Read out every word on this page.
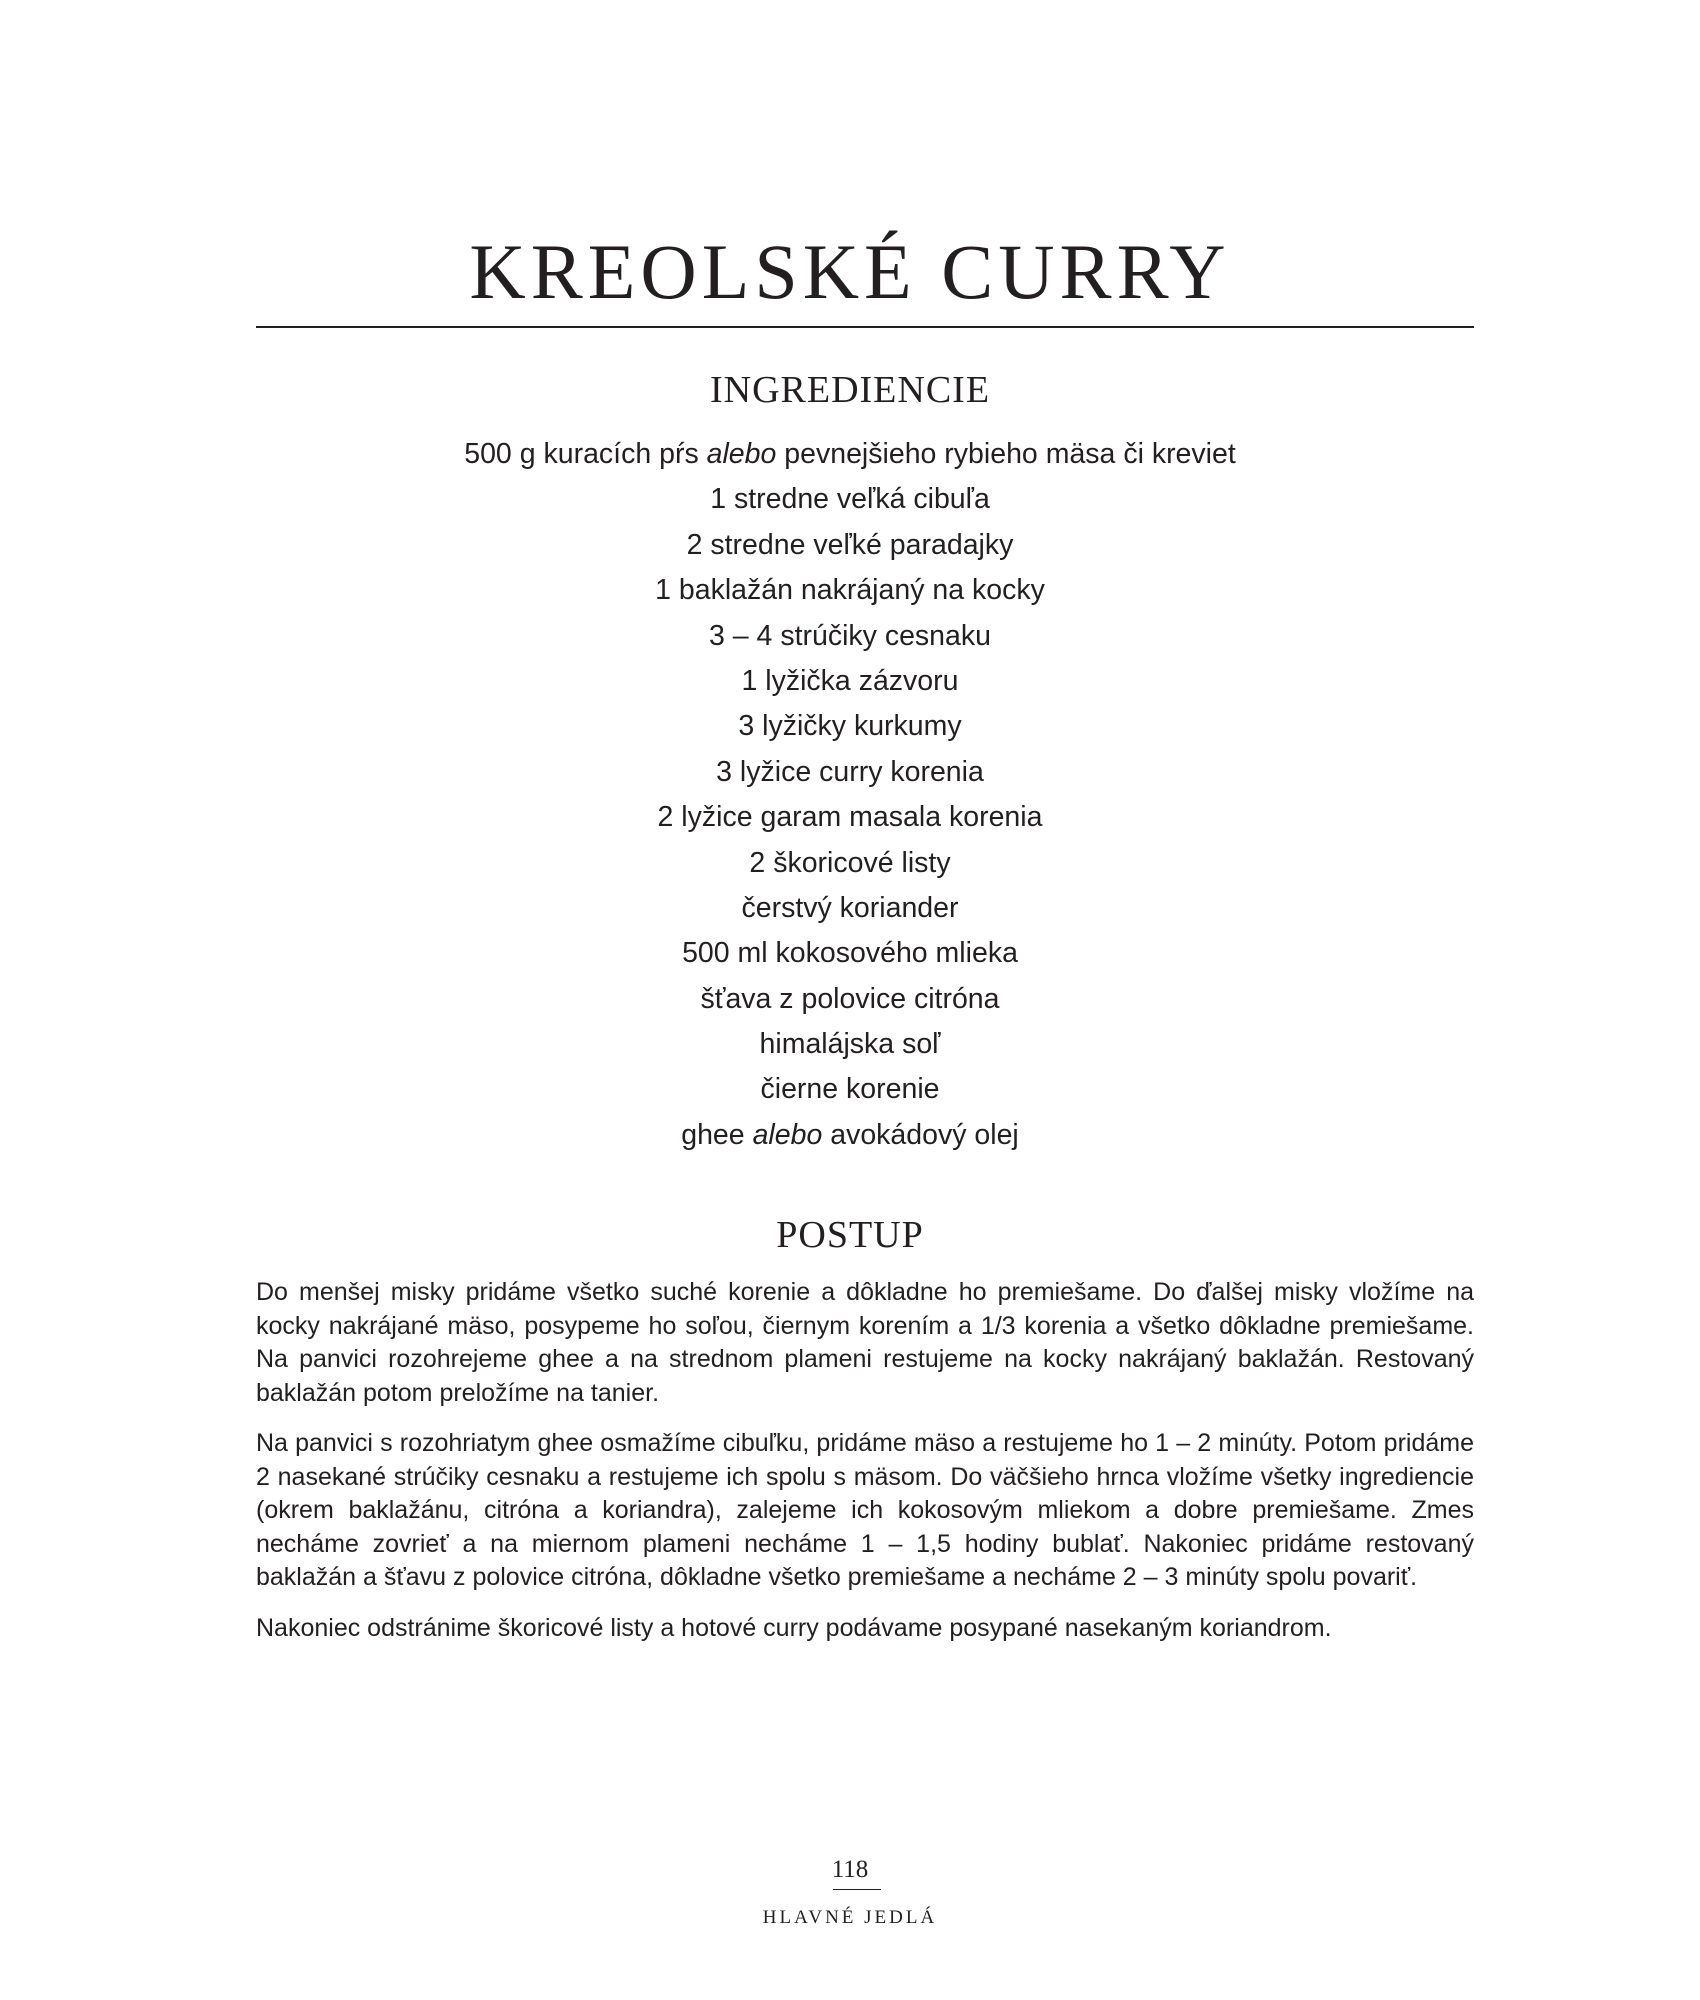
KREOLSKÉ CURRY
INGREDIENCIE
500 g kuracích pŕs alebo pevnejšieho rybieho mäsa či kreviet
1 stredne veľká cibuľa
2 stredne veľké paradajky
1 baklažán nakrájaný na kocky
3 – 4 strúčiky cesnaku
1 lyžička zázvoru
3 lyžičky kurkumy
3 lyžice curry korenia
2 lyžice garam masala korenia
2 škoricové listy
čerstvý koriander
500 ml kokosového mlieka
šťava z polovice citróna
himalájska soľ
čierne korenie
ghee alebo avokádový olej
POSTUP

Do menšej misky pridáme všetko suché korenie a dôkladne ho premiešame. Do ďalšej misky vložíme na kocky nakrájané mäso, posypeme ho soľou, čiernym korením a 1/3 korenia a všetko dôkladne premiešame. Na panvici rozohrejeme ghee a na strednom plameni restujeme na kocky nakrájaný baklažán. Restovaný baklažán potom preložíme na tanier.

Na panvici s rozohriatym ghee osmažíme cibuľku, pridáme mäso a restujeme ho 1 – 2 minúty. Potom pridáme 2 nasekané strúčiky cesnaku a restujeme ich spolu s mäsom. Do väčšieho hrnca vložíme všetky ingrediencie (okrem baklažánu, citróna a koriandra), zalejeme ich kokosovým mliekom a dobre premiešame. Zmes necháme zovrieť a na miernom plameni necháme 1 – 1,5 hodiny bublať. Nakoniec pridáme restovaný baklažán a šťavu z polovice citróna, dôkladne všetko premiešame a necháme 2 – 3 minúty spolu povariť.

Nakoniec odstránime škoricové listy a hotové curry podávame posypané nasekaným koriandrom.

118
HLAVNÉ JEDLÁ
